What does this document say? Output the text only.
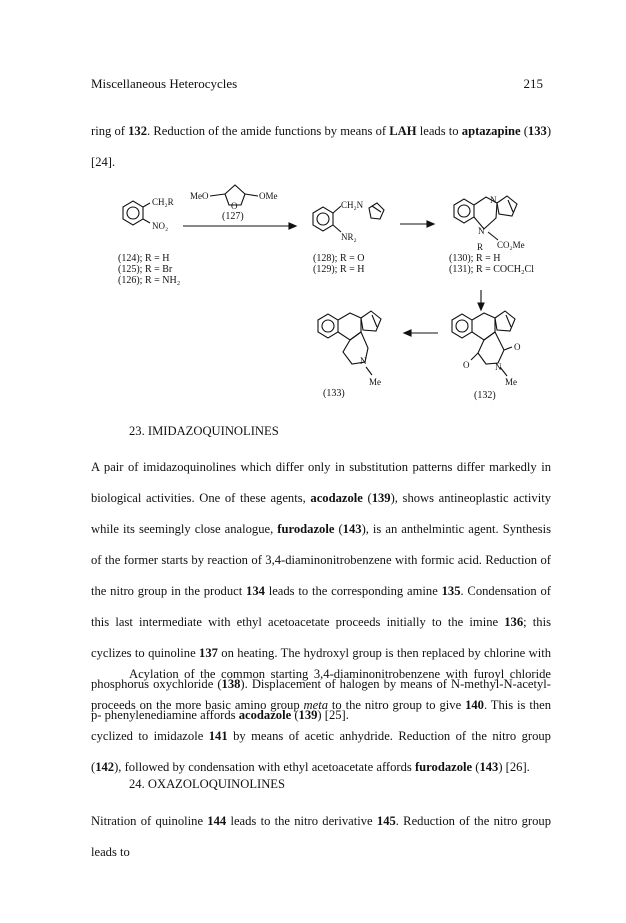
Miscellaneous Heterocycles	215
ring of 132. Reduction of the amide functions by means of LAH leads to aptazapine (133) [24].
CH₂R
NO₂
(124); R = H
(125); R = Br
(126); R = NH₂
MeO
O
OMe
(127)
CH₂N
NR₂
(128); R = O
(129); R = H
N
N
R CO₂Me
(130); R = H
(131); R = COCH₂Cl
N
Me
(133)
O
O	N
Me
(132)
23. IMIDAZOQUINOLINES
A pair of imidazoquinolines which differ only in substitution patterns differ markedly in biological activities. One of these agents, acodazole (139), shows antineoplastic activity while its seemingly close analogue, furodazole (143), is an anthelmintic agent. Synthesis of the former starts by reaction of 3,4-diaminonitrobenzene with formic acid. Reduction of the nitro group in the product 134 leads to the corresponding amine 135. Condensation of this last intermediate with ethyl acetoacetate proceeds initially to the imine 136; this cyclizes to quinoline 137 on heating. The hydroxyl group is then replaced by chlorine with phosphorus oxychloride (138). Displacement of halogen by means of N-methyl-N-acetyl-p- phenylenediamine affords acodazole (139) [25].
Acylation of the common starting 3,4-diaminonitrobenzene with furoyl chloride proceeds on the more basic amino group meta to the nitro group to give 140. This is then cyclized to imidazole 141 by means of acetic anhydride. Reduction of the nitro group (142), followed by condensation with ethyl acetoacetate affords furodazole (143) [26].
24. OXAZOLOQUINOLINES
Nitration of quinoline 144 leads to the nitro derivative 145. Reduction of the nitro group leads to
